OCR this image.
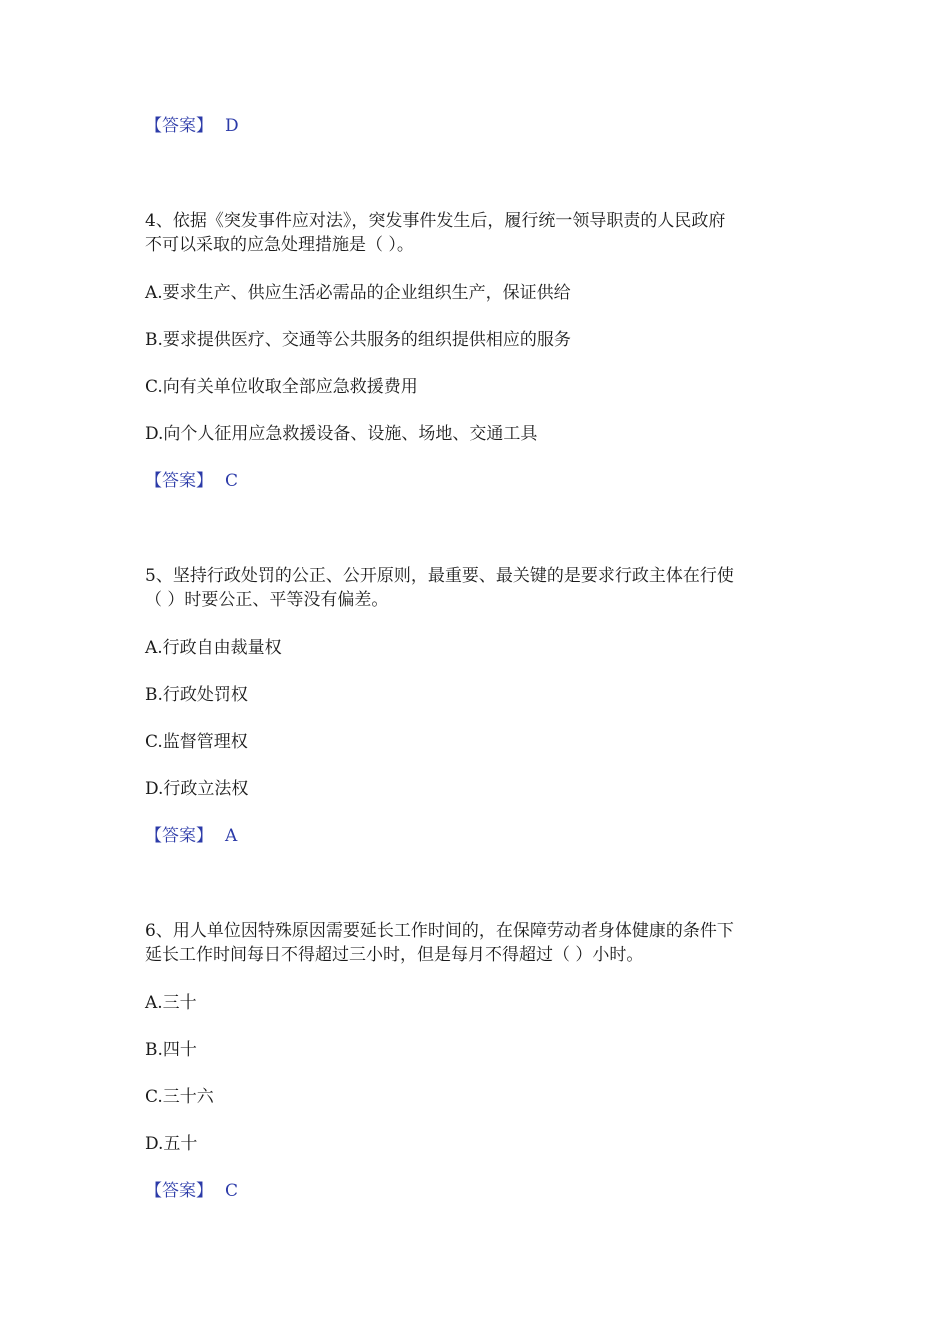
【答案】 D
4、依据《突发事件应对法》，突发事件发生后，履行统一领导职责的人民政府
不可以采取的应急处理措施是（ ）。
A.要求生产、供应生活必需品的企业组织生产，保证供给
B.要求提供医疗、交通等公共服务的组织提供相应的服务
C.向有关单位收取全部应急救援费用
D.向个人征用应急救援设备、设施、场地、交通工具
【答案】 C
5、坚持行政处罚的公正、公开原则，最重要、最关键的是要求行政主体在行使
（ ）时要公正、平等没有偏差。
A.行政自由裁量权
B.行政处罚权
C.监督管理权
D.行政立法权
【答案】 A
6、用人单位因特殊原因需要延长工作时间的，在保障劳动者身体健康的条件下
延长工作时间每日不得超过三小时，但是每月不得超过（ ）小时。
A.三十
B.四十
C.三十六
D.五十
【答案】 C
